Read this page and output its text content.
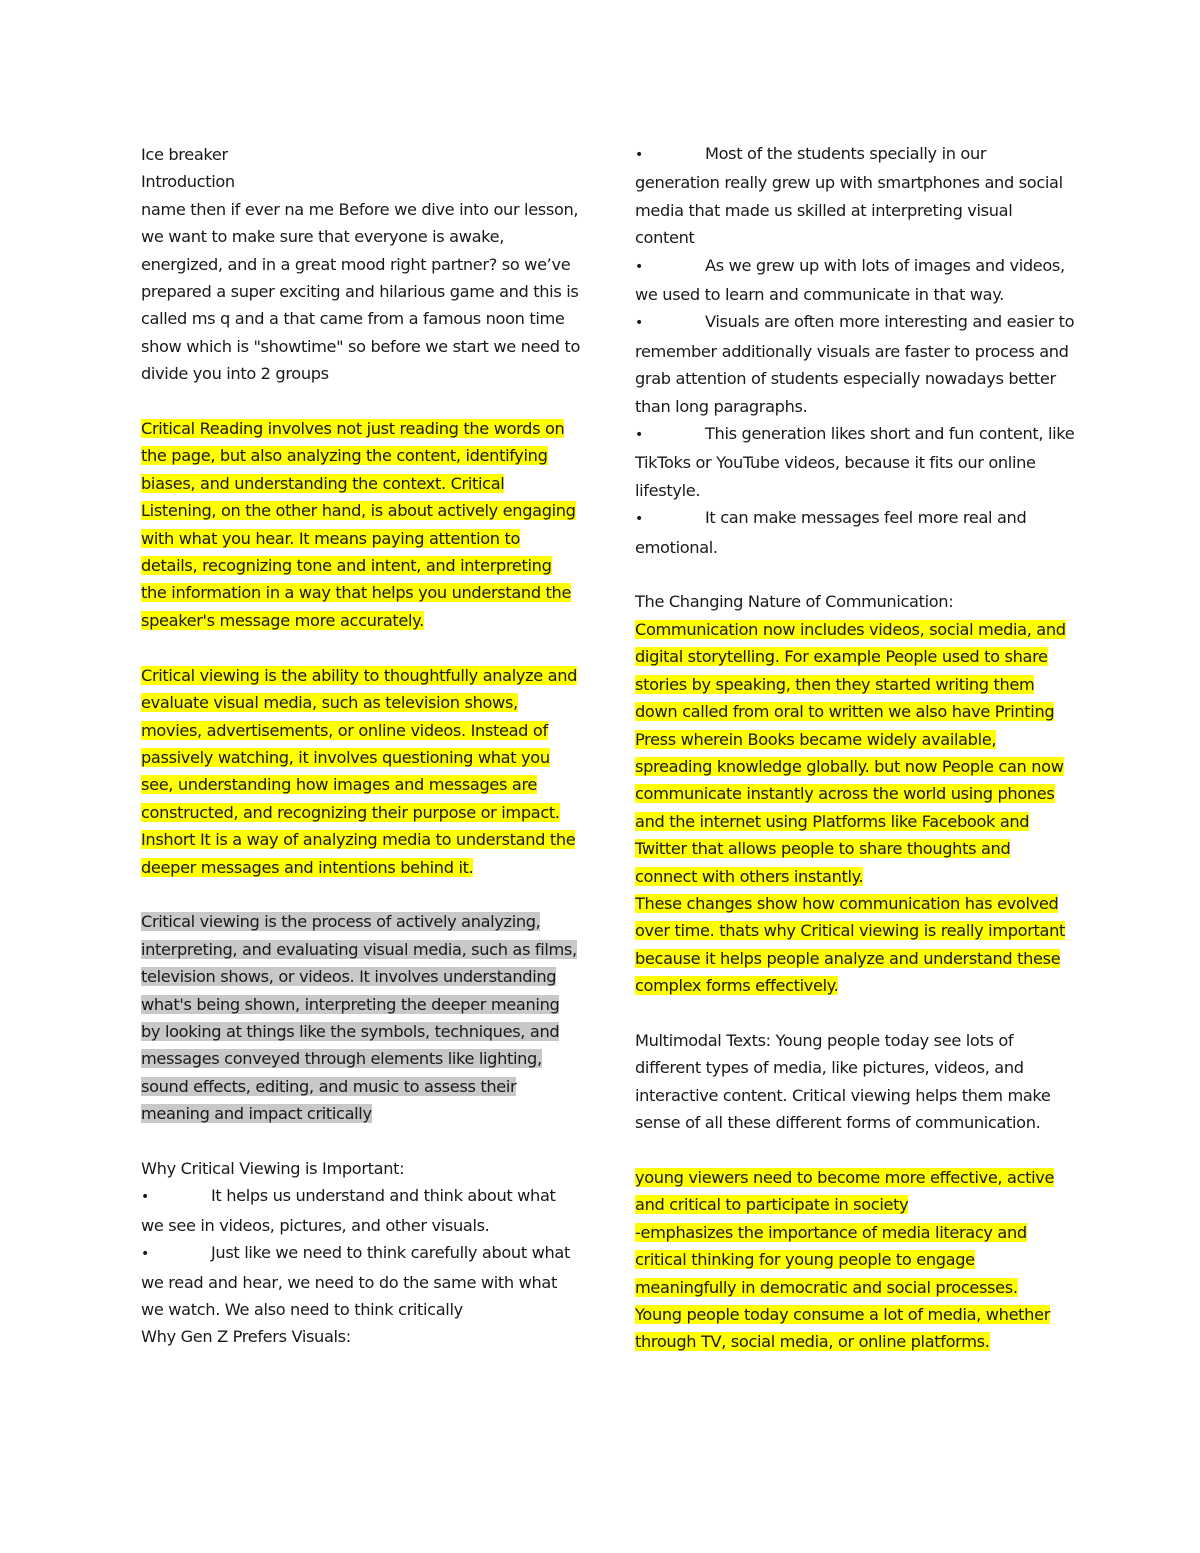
Ice breaker

Introduction

name then if ever na me Before we dive into our lesson, we want to make sure that everyone is awake, energized, and in a great mood right partner? so we’ve prepared a super exciting and hilarious game and this is called ms q and a that came from a famous noon time show which is "showtime" so before we start we need to divide you into 2 groups

Critical Reading involves not just reading the words on the page, but also analyzing the content, identifying biases, and understanding the context. Critical Listening, on the other hand, is about actively engaging with what you hear. It means paying attention to details, recognizing tone and intent, and interpreting the information in a way that helps you understand the speaker's message more accurately.

Critical viewing is the ability to thoughtfully analyze and evaluate visual media, such as television shows, movies, advertisements, or online videos. Instead of passively watching, it involves questioning what you see, understanding how images and messages are constructed, and recognizing their purpose or impact. Inshort It is a way of analyzing media to understand the deeper messages and intentions behind it.

Critical viewing is the process of actively analyzing, interpreting, and evaluating visual media, such as films, television shows, or videos. It involves understanding what's being shown, interpreting the deeper meaning by looking at things like the symbols, techniques, and messages conveyed through elements like lighting, sound effects, editing, and music to assess their meaning and impact critically

Why Critical Viewing is Important:

•	It helps us understand and think about what we see in videos, pictures, and other visuals.

•	Just like we need to think carefully about what we read and hear, we need to do the same with what we watch. We also need to think critically

Why Gen Z Prefers Visuals:

•	Most of the students specially in our generation really grew up with smartphones and social media that made us skilled at interpreting visual content

•	As we grew up with lots of images and videos, we used to learn and communicate in that way.

•	Visuals are often more interesting and easier to remember additionally visuals are faster to process and grab attention of students especially nowadays better than long paragraphs.

•	This generation likes short and fun content, like TikToks or YouTube videos, because it fits our online lifestyle.

•	It can make messages feel more real and emotional.

The Changing Nature of Communication:

Communication now includes videos, social media, and digital storytelling. For example People used to share stories by speaking, then they started writing them down called from oral to written we also have Printing Press wherein Books became widely available, spreading knowledge globally. but now People can now communicate instantly across the world using phones and the internet using Platforms like Facebook and Twitter that allows people to share thoughts and connect with others instantly.

These changes show how communication has evolved over time. thats why Critical viewing is really important because it helps people analyze and understand these complex forms effectively.

Multimodal Texts: Young people today see lots of different types of media, like pictures, videos, and interactive content. Critical viewing helps them make sense of all these different forms of communication.

young viewers need to become more effective, active and critical to participate in society

-emphasizes the importance of media literacy and critical thinking for young people to engage meaningfully in democratic and social processes.

Young people today consume a lot of media, whether through TV, social media, or online platforms.
